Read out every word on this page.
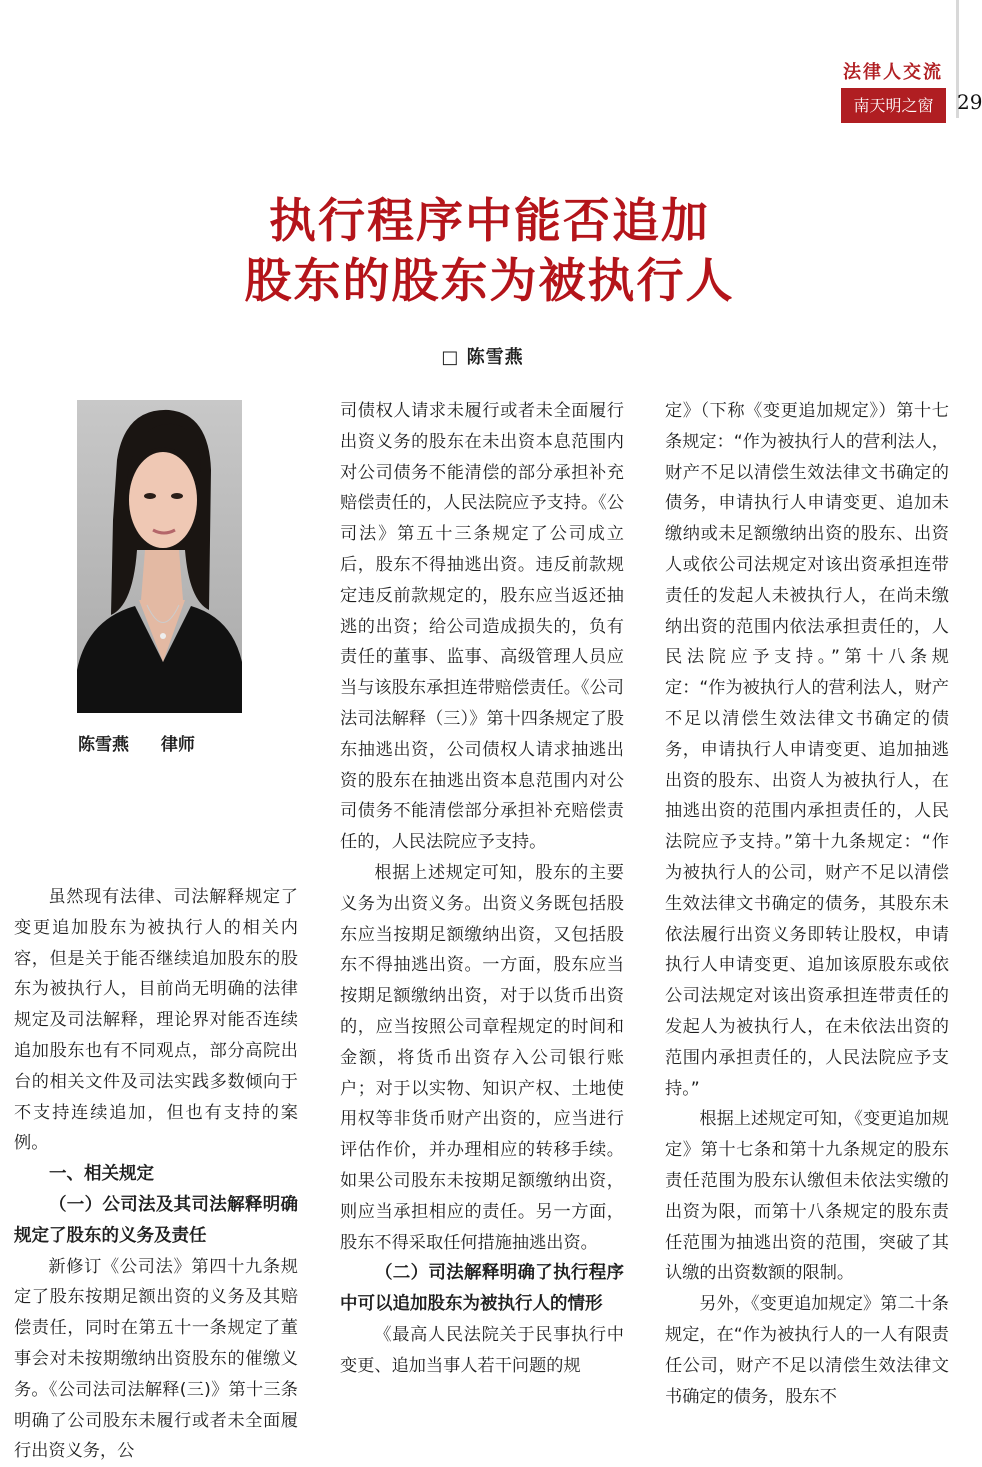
法律人交流
南天明之窗	29
执行程序中能否追加
股东的股东为被执行人
□ 陈雪燕
陈雪燕 律师

虽然现有法律、司法解释规定了变更追加股东为被执行人的相关内容，但是关于能否继续追加股东的股东为被执行人，目前尚无明确的法律规定及司法解释，理论界对能否连续追加股东也有不同观点，部分高院出台的相关文件及司法实践多数倾向于不支持连续追加，但也有支持的案例。

一、相关规定
（一）公司法及其司法解释明确规定了股东的义务及责任

新修订《公司法》第四十九条规定了股东按期足额出资的义务及其赔偿责任，同时在第五十一条规定了董事会对未按期缴纳出资股东的催缴义务。《公司法司法解释(三)》第十三条明确了公司股东未履行或者未全面履行出资义务，公

司债权人请求未履行或者未全面履行出资义务的股东在未出资本息范围内对公司债务不能清偿的部分承担补充赔偿责任的，人民法院应予支持。《公司法》第五十三条规定了公司成立后，股东不得抽逃出资。违反前款规定违反前款规定的，股东应当返还抽逃的出资；给公司造成损失的，负有责任的董事、监事、高级管理人员应当与该股东承担连带赔偿责任。《公司法司法解释（三）》第十四条规定了股东抽逃出资，公司债权人请求抽逃出资的股东在抽逃出资本息范围内对公司债务不能清偿部分承担补充赔偿责任的，人民法院应予支持。

根据上述规定可知，股东的主要义务为出资义务。出资义务既包括股东应当按期足额缴纳出资，又包括股东不得抽逃出资。一方面，股东应当按期足额缴纳出资，对于以货币出资的，应当按照公司章程规定的时间和金额，将货币出资存入公司银行账户；对于以实物、知识产权、土地使用权等非货币财产出资的，应当进行评估作价，并办理相应的转移手续。如果公司股东未按期足额缴纳出资，则应当承担相应的责任。另一方面，股东不得采取任何措施抽逃出资。

（二）司法解释明确了执行程序中可以追加股东为被执行人的情形

《最高人民法院关于民事执行中变更、追加当事人若干问题的规

定》（下称《变更追加规定》）第十七条规定：“作为被执行人的营利法人，财产不足以清偿生效法律文书确定的债务，申请执行人申请变更、追加未缴纳或未足额缴纳出资的股东、出资人或依公司法规定对该出资承担连带责任的发起人未被执行人，在尚未缴纳出资的范围内依法承担责任的，人民法院应予支持。”第十八条规定：“作为被执行人的营利法人，财产不足以清偿生效法律文书确定的债务，申请执行人申请变更、追加抽逃出资的股东、出资人为被执行人，在抽逃出资的范围内承担责任的，人民法院应予支持。”第十九条规定：“作为被执行人的公司，财产不足以清偿生效法律文书确定的债务，其股东未依法履行出资义务即转让股权，申请执行人申请变更、追加该原股东或依公司法规定对该出资承担连带责任的发起人为被执行人，在未依法出资的范围内承担责任的，人民法院应予支持。”

根据上述规定可知，《变更追加规定》第十七条和第十九条规定的股东责任范围为股东认缴但未依法实缴的出资为限，而第十八条规定的股东责任范围为抽逃出资的范围，突破了其认缴的出资数额的限制。

另外，《变更追加规定》第二十条规定，在“作为被执行人的一人有限责任公司，财产不足以清偿生效法律文书确定的债务，股东不
